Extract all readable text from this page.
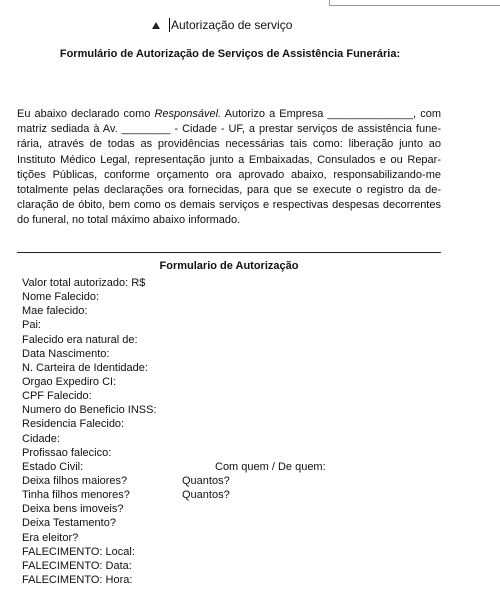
Autorização de serviço
Formulário de Autorização de Serviços de Assistência Funerária:
Eu abaixo declarado como Responsável. Autorizo a Empresa ______________, com
matriz sediada à Av. ________ - Cidade - UF, a prestar serviços de assistência fune-
rária, através de todas as providências necessárias tais como: liberação junto ao
Instituto Médico Legal, representação junto a Embaixadas, Consulados e ou Repar-
tições Públicas, conforme orçamento ora aprovado abaixo, responsabilizando-me
totalmente pelas declarações ora fornecidas, para que se execute o registro da de-
claração de óbito, bem como os demais serviços e respectivas despesas decorrentes
do funeral, no total máximo abaixo informado.
Formulario de Autorização
Valor total autorizado: R$
Nome Falecido:
Mae falecido:
Pai:
Falecido era natural de:
Data Nascimento:
N. Carteira de Identidade:
Orgao Expediro CI:
CPF Falecido:
Numero do Beneficio INSS:
Residencia Falecido:
Cidade:
Profissao falecico:
Estado Civil:	Com quem / De quem:
Deixa filhos maiores?	Quantos?
Tinha filhos menores?	Quantos?
Deixa bens imoveis?
Deixa Testamento?
Era eleitor?
FALECIMENTO: Local:
FALECIMENTO: Data:
FALECIMENTO: Hora:
